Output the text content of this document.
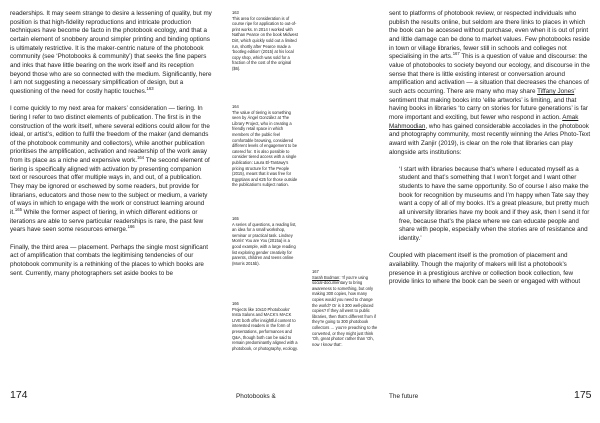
readerships. It may seem strange to desire a lessening of quality, but my position is that high-fidelity reproductions and intricate production techniques have become de facto in the photobook ecology, and that a certain element of snobbery around simpler printing and binding options is ultimately restrictive. It is the maker-centric nature of the photobook community (see ‘Photobooks & community’) that seeks the fine papers and inks that have little bearing on the work itself and its reception beyond those who are so connected with the medium. Significantly, here I am not suggesting a necessary simplification of design, but a questioning of the need for costly haptic touches.$^{163}$

I come quickly to my next area for makers’ consideration — tiering. In tiering I refer to two distinct elements of publication. The first is in the construction of the work itself, where several editions could allow for the ideal, or artist’s, edition to fulfil the freedom of the maker (and demands of the photobook community and collectors), while another publication prioritises the amplification, activation and readership of the work away from its place as a niche and expensive work.$^{164}$ The second element of tiering is specifically aligned with activation by presenting companion text or resources that offer multiple ways in, and out, of a publication. They may be ignored or eschewed by some readers, but provide for librarians, educators and those new to the subject or medium, a variety of ways in which to engage with the work or construct learning around it.$^{165}$ While the former aspect of tiering, in which different editions or iterations are able to serve particular readerships is rare, the past few years have seen some resources emerge.$^{166}$

Finally, the third area — placement. Perhaps the single most significant act of amplification that combats the legitimising tendencies of our photobook community is a rethinking of the places to which books are sent. Currently, many photographers set aside books to be

163

This area for consideration is of course ripe for application to out-of-print works. In 2014 I worked with Nathan Pearce on the book Midwest Dirt, which quickly sold out a limited run, shortly after Pearce made a ‘bootleg edition’ (2015) at his local copy shop, which was sold for a fraction of the cost of the original ($6).

164

The value of tiering is something seen by Ángel González at The Library Project, who in creating a friendly retail space in which members of the public feel comfortable browsing, considered different levels of engagement to be catered for. It is also possible to consider tiered access with a single publication: Laura El-Tantawy’s pricing structure for The People (2015), meant that it was free for Egyptians and €25 for those outside the publication’s subject nation.

165

A series of questions, a reading list, an idea for a small workshop, seminar or practical task. Lindsey Morris’ You are You (2015a) is a good example, with a large reading list exploring gender creativity for parents, children and teens online (Morris 2015b).

166

Projects like 10x10 Photobooks’ Insta Salons and MACK’s MACK LIVE both offer insightful content to interested readers in the form of presentations, performances and Q&A, though both can be said to remain predominantly aligned with a photobook, or photography, ecology.

167

Sarah Bodman: ‘If you’re using social-documentary to bring awareness to something, but only making 300 copies, how many copies would you need to change the world? Or is it 300 well-placed copies? If they all went to public libraries, then that’s different from if they’re going to 300 photobook collectors … you’re preaching to the converted, or they might just think ‘Oh, great photos’ rather than ‘Oh, now I know that’.

sent to platforms of photobook review, or respected individuals who publish the results online, but seldom are there links to places in which the book can be accessed without purchase, even when it is out of print and little damage can be done to market values. Few photobooks reside in town or village libraries, fewer still in schools and colleges not specialising in the arts.$^{167}$ This is a question of value and discourse: the value of photobooks to society beyond our ecology, and discourse in the sense that there is little existing interest or conversation around amplification and activation — a situation that decreases the chances of such acts occurring. There are many who may share Tiffany Jones’ sentiment that making books into ‘elite artworks’ is limiting, and that having books in libraries ‘to carry on stories for future generations’ is far more important and exciting, but fewer who respond in action. Amak Mahmoodian, who has gained considerable accolades in the photobook and photography community, most recently winning the Arles Photo-Text award with Zanjir (2019), is clear on the role that libraries can play alongside arts institutions:

‘I start with libraries because that’s where I educated myself as a student and that’s something that I won’t forget and I want other students to have the same opportunity. So of course I also make the book for recognition by museums and I’m happy when Tate say they want a copy of all of my books. It’s a great pleasure, but pretty much all university libraries have my book and if they ask, then I send it for free, because that’s the place where we can educate people and share with people, especially when the stories are of resistance and identity.’

Coupled with placement itself is the promotion of placement and availability. Though the majority of makers will list a photobook’s presence in a prestigious archive or collection book collection, few provide links to where the book can be seen or engaged with without

174	Photobooks &	The future	175
